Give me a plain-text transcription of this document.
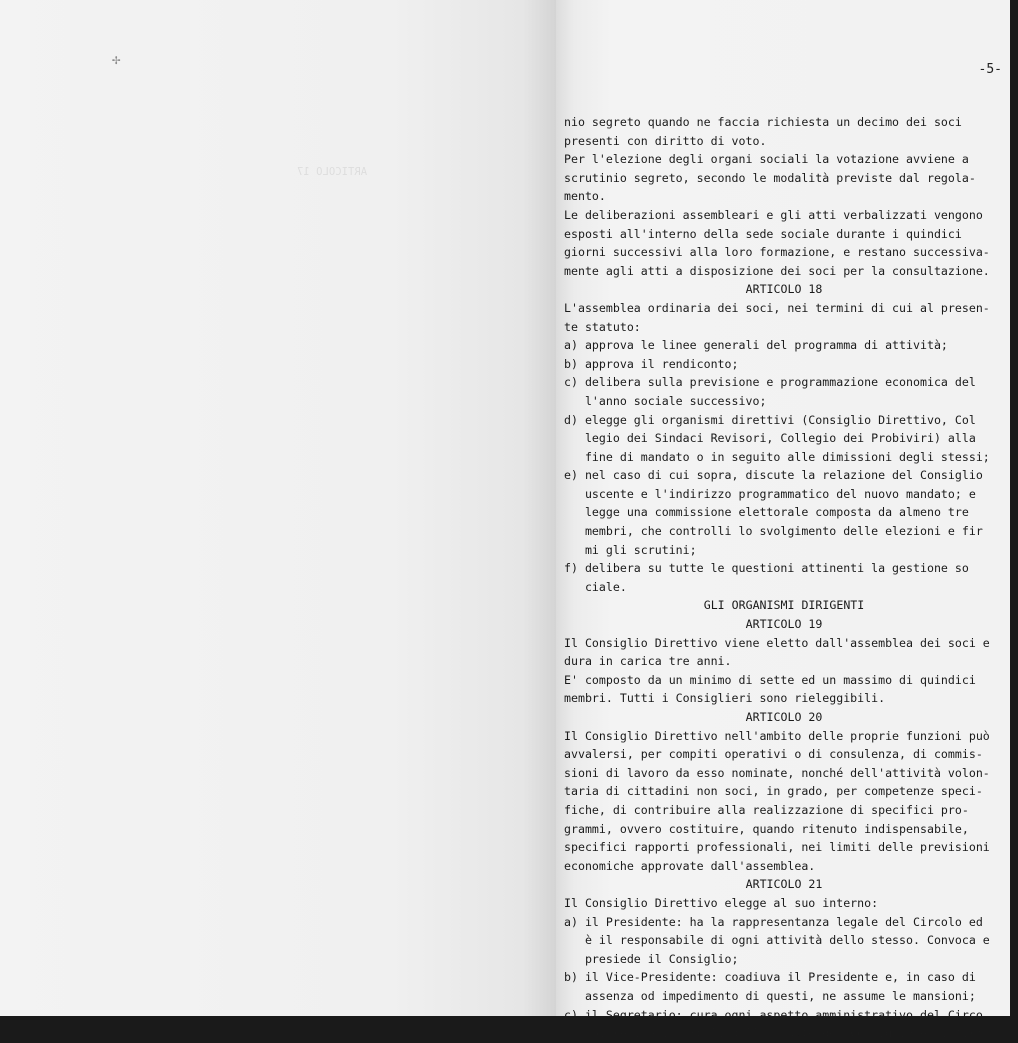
ARTICOLO 17

✢
-5-
nio segreto quando ne faccia richiesta un decimo dei soci
presenti con diritto di voto.
Per l'elezione degli organi sociali la votazione avviene a
scrutinio segreto, secondo le modalità previste dal regola-
mento.
Le deliberazioni assembleari e gli atti verbalizzati vengono
esposti all'interno della sede sociale durante i quindici
giorni successivi alla loro formazione, e restano successiva-
mente agli atti a disposizione dei soci per la consultazione.
ARTICOLO 18
L'assemblea ordinaria dei soci, nei termini di cui al presen-
te statuto:
a) approva le linee generali del programma di attività;
b) approva il rendiconto;
c) delibera sulla previsione e programmazione economica del
l'anno sociale successivo;
d) elegge gli organismi direttivi (Consiglio Direttivo, Col
legio dei Sindaci Revisori, Collegio dei Probiviri) alla
fine di mandato o in seguito alle dimissioni degli stessi;
e) nel caso di cui sopra, discute la relazione del Consiglio
uscente e l'indirizzo programmatico del nuovo mandato; e
legge una commissione elettorale composta da almeno tre
membri, che controlli lo svolgimento delle elezioni e fir
mi gli scrutini;
f) delibera su tutte le questioni attinenti la gestione so
ciale.
GLI ORGANISMI DIRIGENTI
ARTICOLO 19
Il Consiglio Direttivo viene eletto dall'assemblea dei soci e
dura in carica tre anni.
E' composto da un minimo di sette ed un massimo di quindici
membri. Tutti i Consiglieri sono rieleggibili.
ARTICOLO 20
Il Consiglio Direttivo nell'ambito delle proprie funzioni può
avvalersi, per compiti operativi o di consulenza, di commis-
sioni di lavoro da esso nominate, nonché dell'attività volon-
taria di cittadini non soci, in grado, per competenze speci-
fiche, di contribuire alla realizzazione di specifici pro-
grammi, ovvero costituire, quando ritenuto indispensabile,
specifici rapporti professionali, nei limiti delle previsioni
economiche approvate dall'assemblea.
ARTICOLO 21
Il Consiglio Direttivo elegge al suo interno:
a) il Presidente: ha la rappresentanza legale del Circolo ed
è il responsabile di ogni attività dello stesso. Convoca e
presiede il Consiglio;
b) il Vice-Presidente: coadiuva il Presidente e, in caso di
assenza od impedimento di questi, ne assume le mansioni;
c) il Segretario: cura ogni aspetto amministrativo del Circo
lo, redige i verbali delle sedute del Consiglio e li firma
